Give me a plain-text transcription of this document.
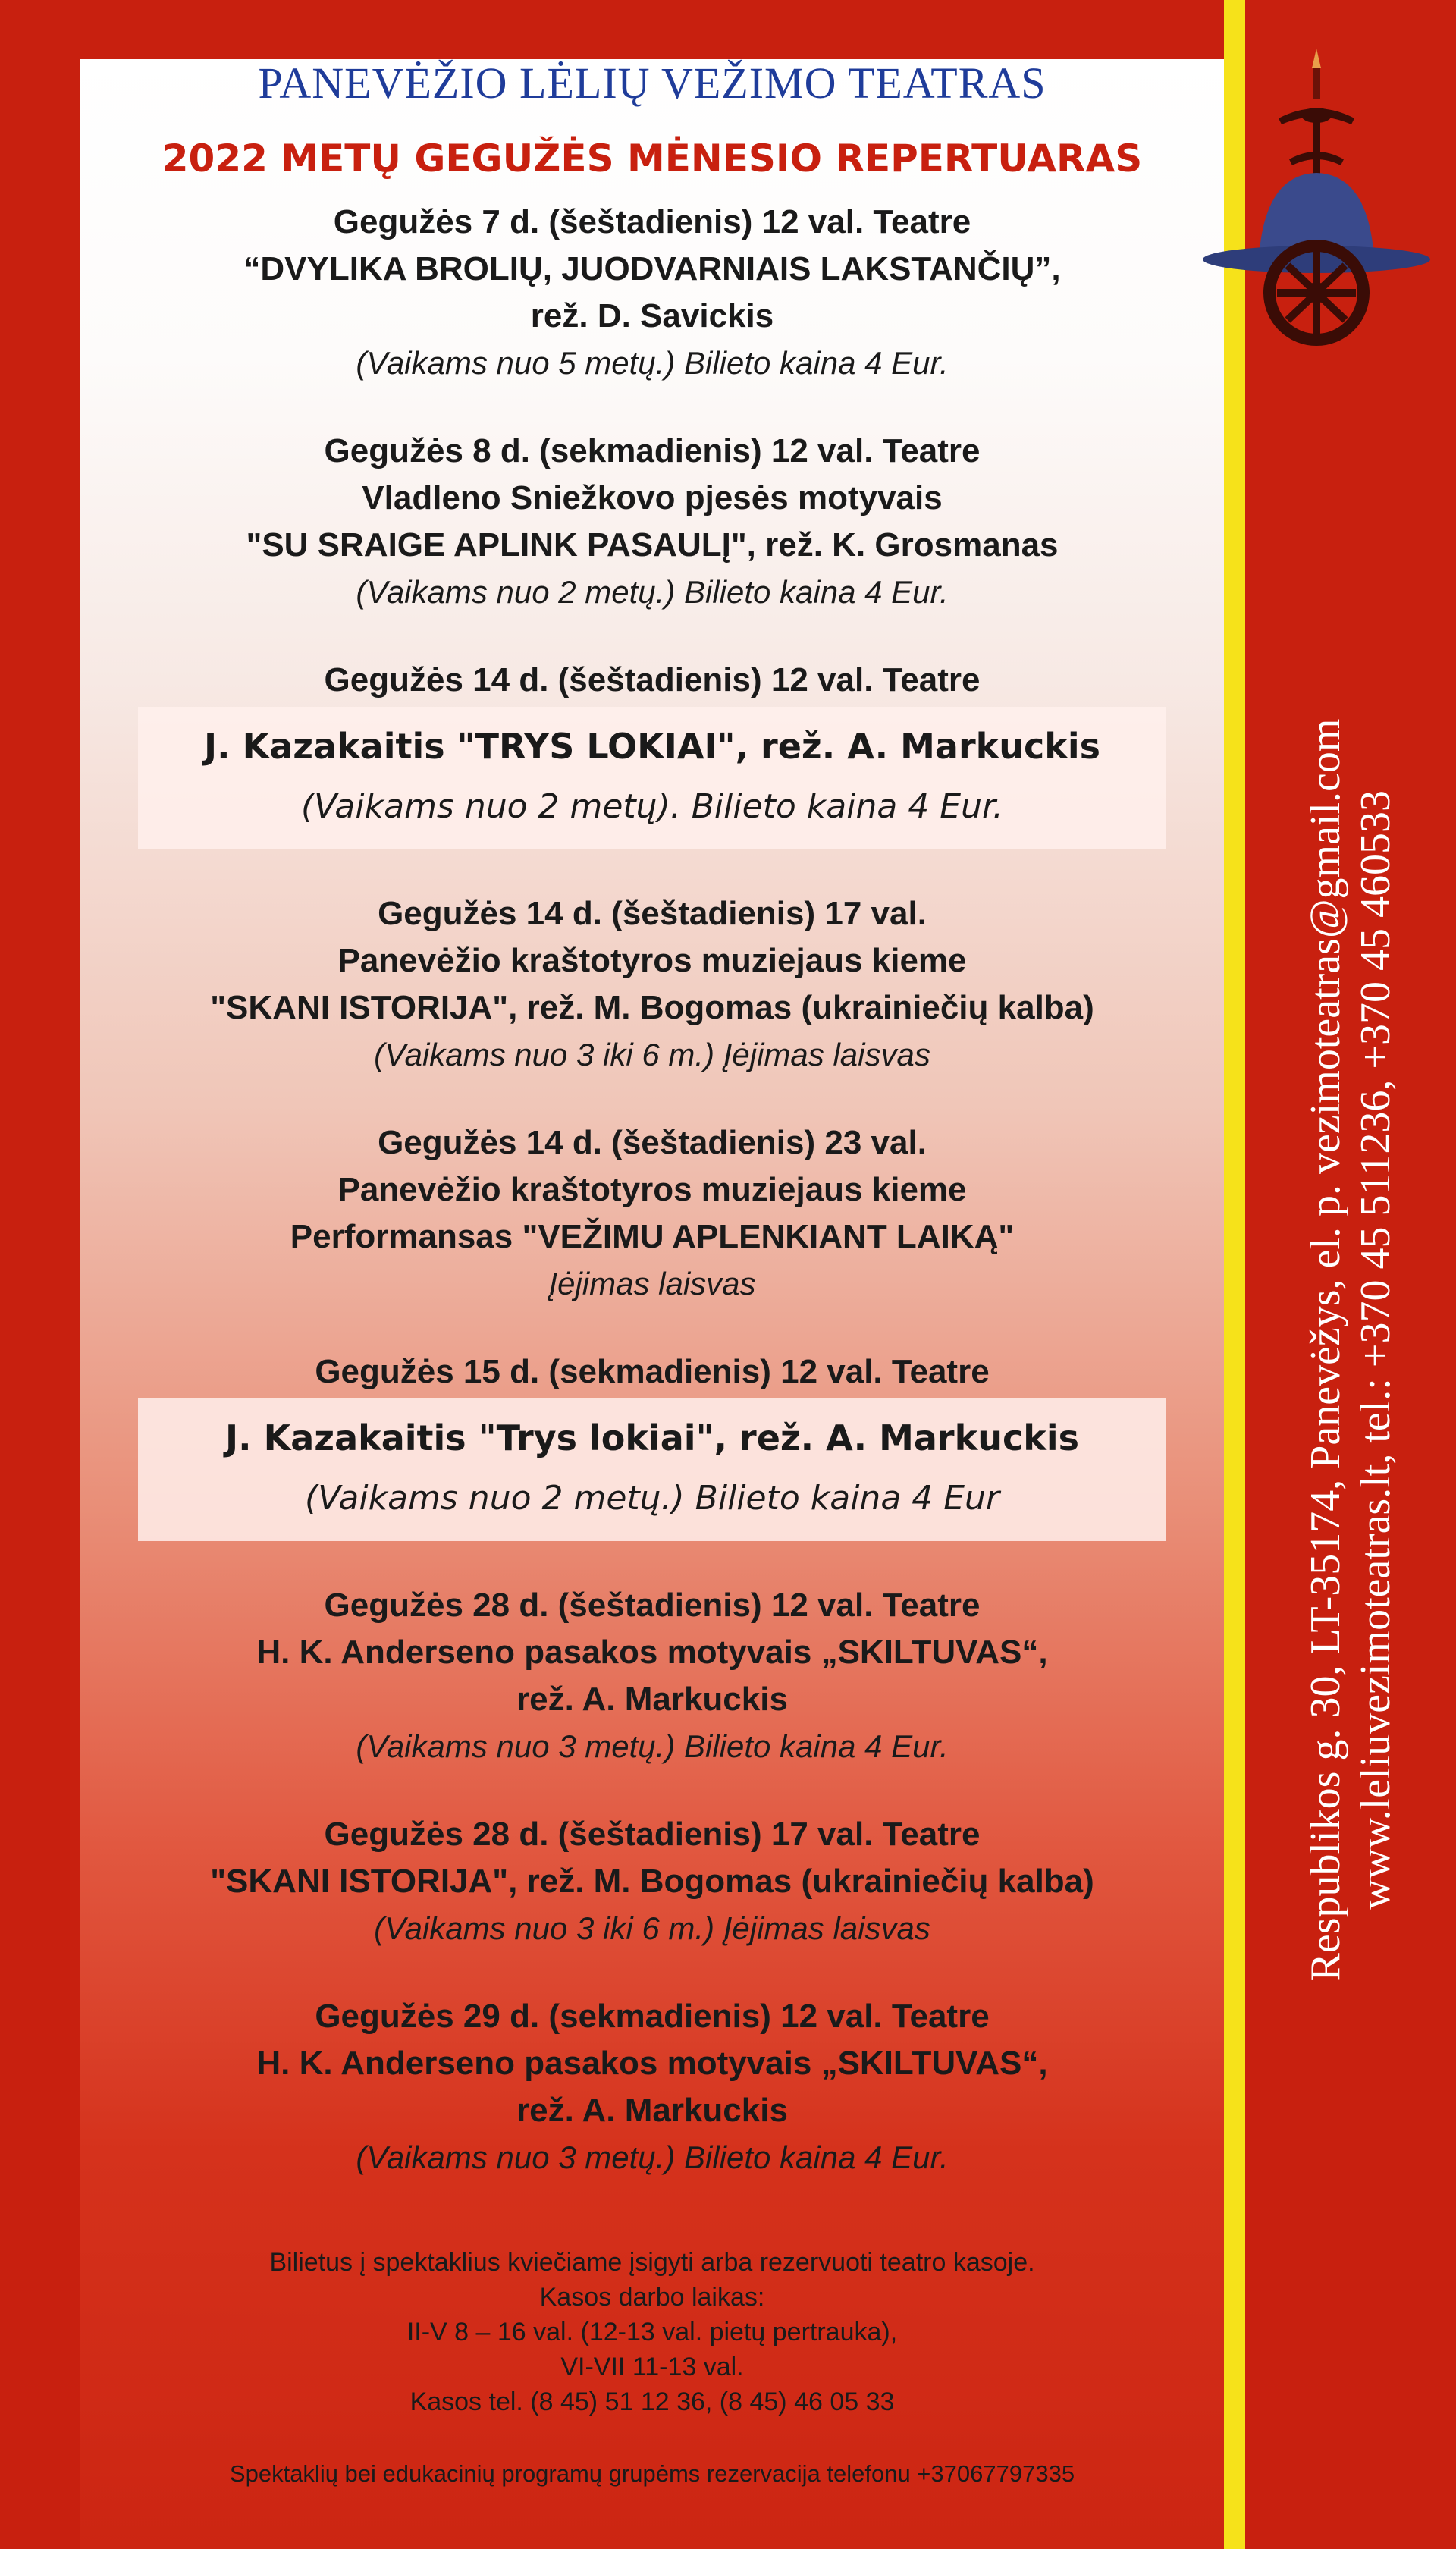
PANEVĖŽIO LĖLIŲ VEŽIMO TEATRAS
2022 METŲ GEGUŽĖS MĖNESIO REPERTUARAS
Gegužės 7 d. (šeštadienis) 12 val. Teatre
“DVYLIKA BROLIŲ, JUODVARNIAIS LAKSTANČIŲ”,
rež. D. Savickis
(Vaikams nuo 5 metų.) Bilieto kaina 4 Eur.
Gegužės 8 d. (sekmadienis) 12 val. Teatre
Vladleno Sniežkovo pjesės motyvais
"SU SRAIGE APLINK PASAULĮ", rež. K. Grosmanas
(Vaikams nuo 2 metų.) Bilieto kaina 4 Eur.
Gegužės 14 d. (šeštadienis) 12 val. Teatre
J. Kazakaitis "TRYS LOKIAI", rež. A. Markuckis
(Vaikams nuo 2 metų). Bilieto kaina 4 Eur.
Gegužės 14 d. (šeštadienis) 17 val.
Panevėžio kraštotyros muziejaus kieme
"SKANI ISTORIJA", rež. M. Bogomas (ukrainiečių kalba)
(Vaikams nuo 3 iki 6 m.) Įėjimas laisvas
Gegužės 14 d. (šeštadienis) 23 val.
Panevėžio kraštotyros muziejaus kieme
Performansas "VEŽIMU APLENKIANT LAIKĄ"
Įėjimas laisvas
Gegužės 15 d. (sekmadienis) 12 val. Teatre
J. Kazakaitis "Trys lokiai", rež. A. Markuckis
(Vaikams nuo 2 metų.) Bilieto kaina 4 Eur
Gegužės 28 d. (šeštadienis) 12 val. Teatre
H. K. Anderseno pasakos motyvais „SKILTUVAS“,
rež. A. Markuckis
(Vaikams nuo 3 metų.) Bilieto kaina 4 Eur.
Gegužės 28 d. (šeštadienis) 17 val. Teatre
"SKANI ISTORIJA", rež. M. Bogomas (ukrainiečių kalba)
(Vaikams nuo 3 iki 6 m.) Įėjimas laisvas
Gegužės 29 d. (sekmadienis) 12 val. Teatre
H. K. Anderseno pasakos motyvais „SKILTUVAS“,
rež. A. Markuckis
(Vaikams nuo 3 metų.) Bilieto kaina 4 Eur.
Bilietus į spektaklius kviečiame įsigyti arba rezervuoti teatro kasoje.
Kasos darbo laikas:
II-V 8 – 16 val. (12-13 val. pietų pertrauka),
VI-VII 11-13 val.
Kasos tel. (8 45) 51 12 36, (8 45) 46 05 33
Spektaklių bei edukacinių programų grupėms rezervacija telefonu +37067797335
Respublikos g. 30, LT-35174, Panevėžys, el. p. vezimoteatras@gmail.com www.leliuvezimoteatras.lt, tel.: +370 45 511236, +370 45 460533
